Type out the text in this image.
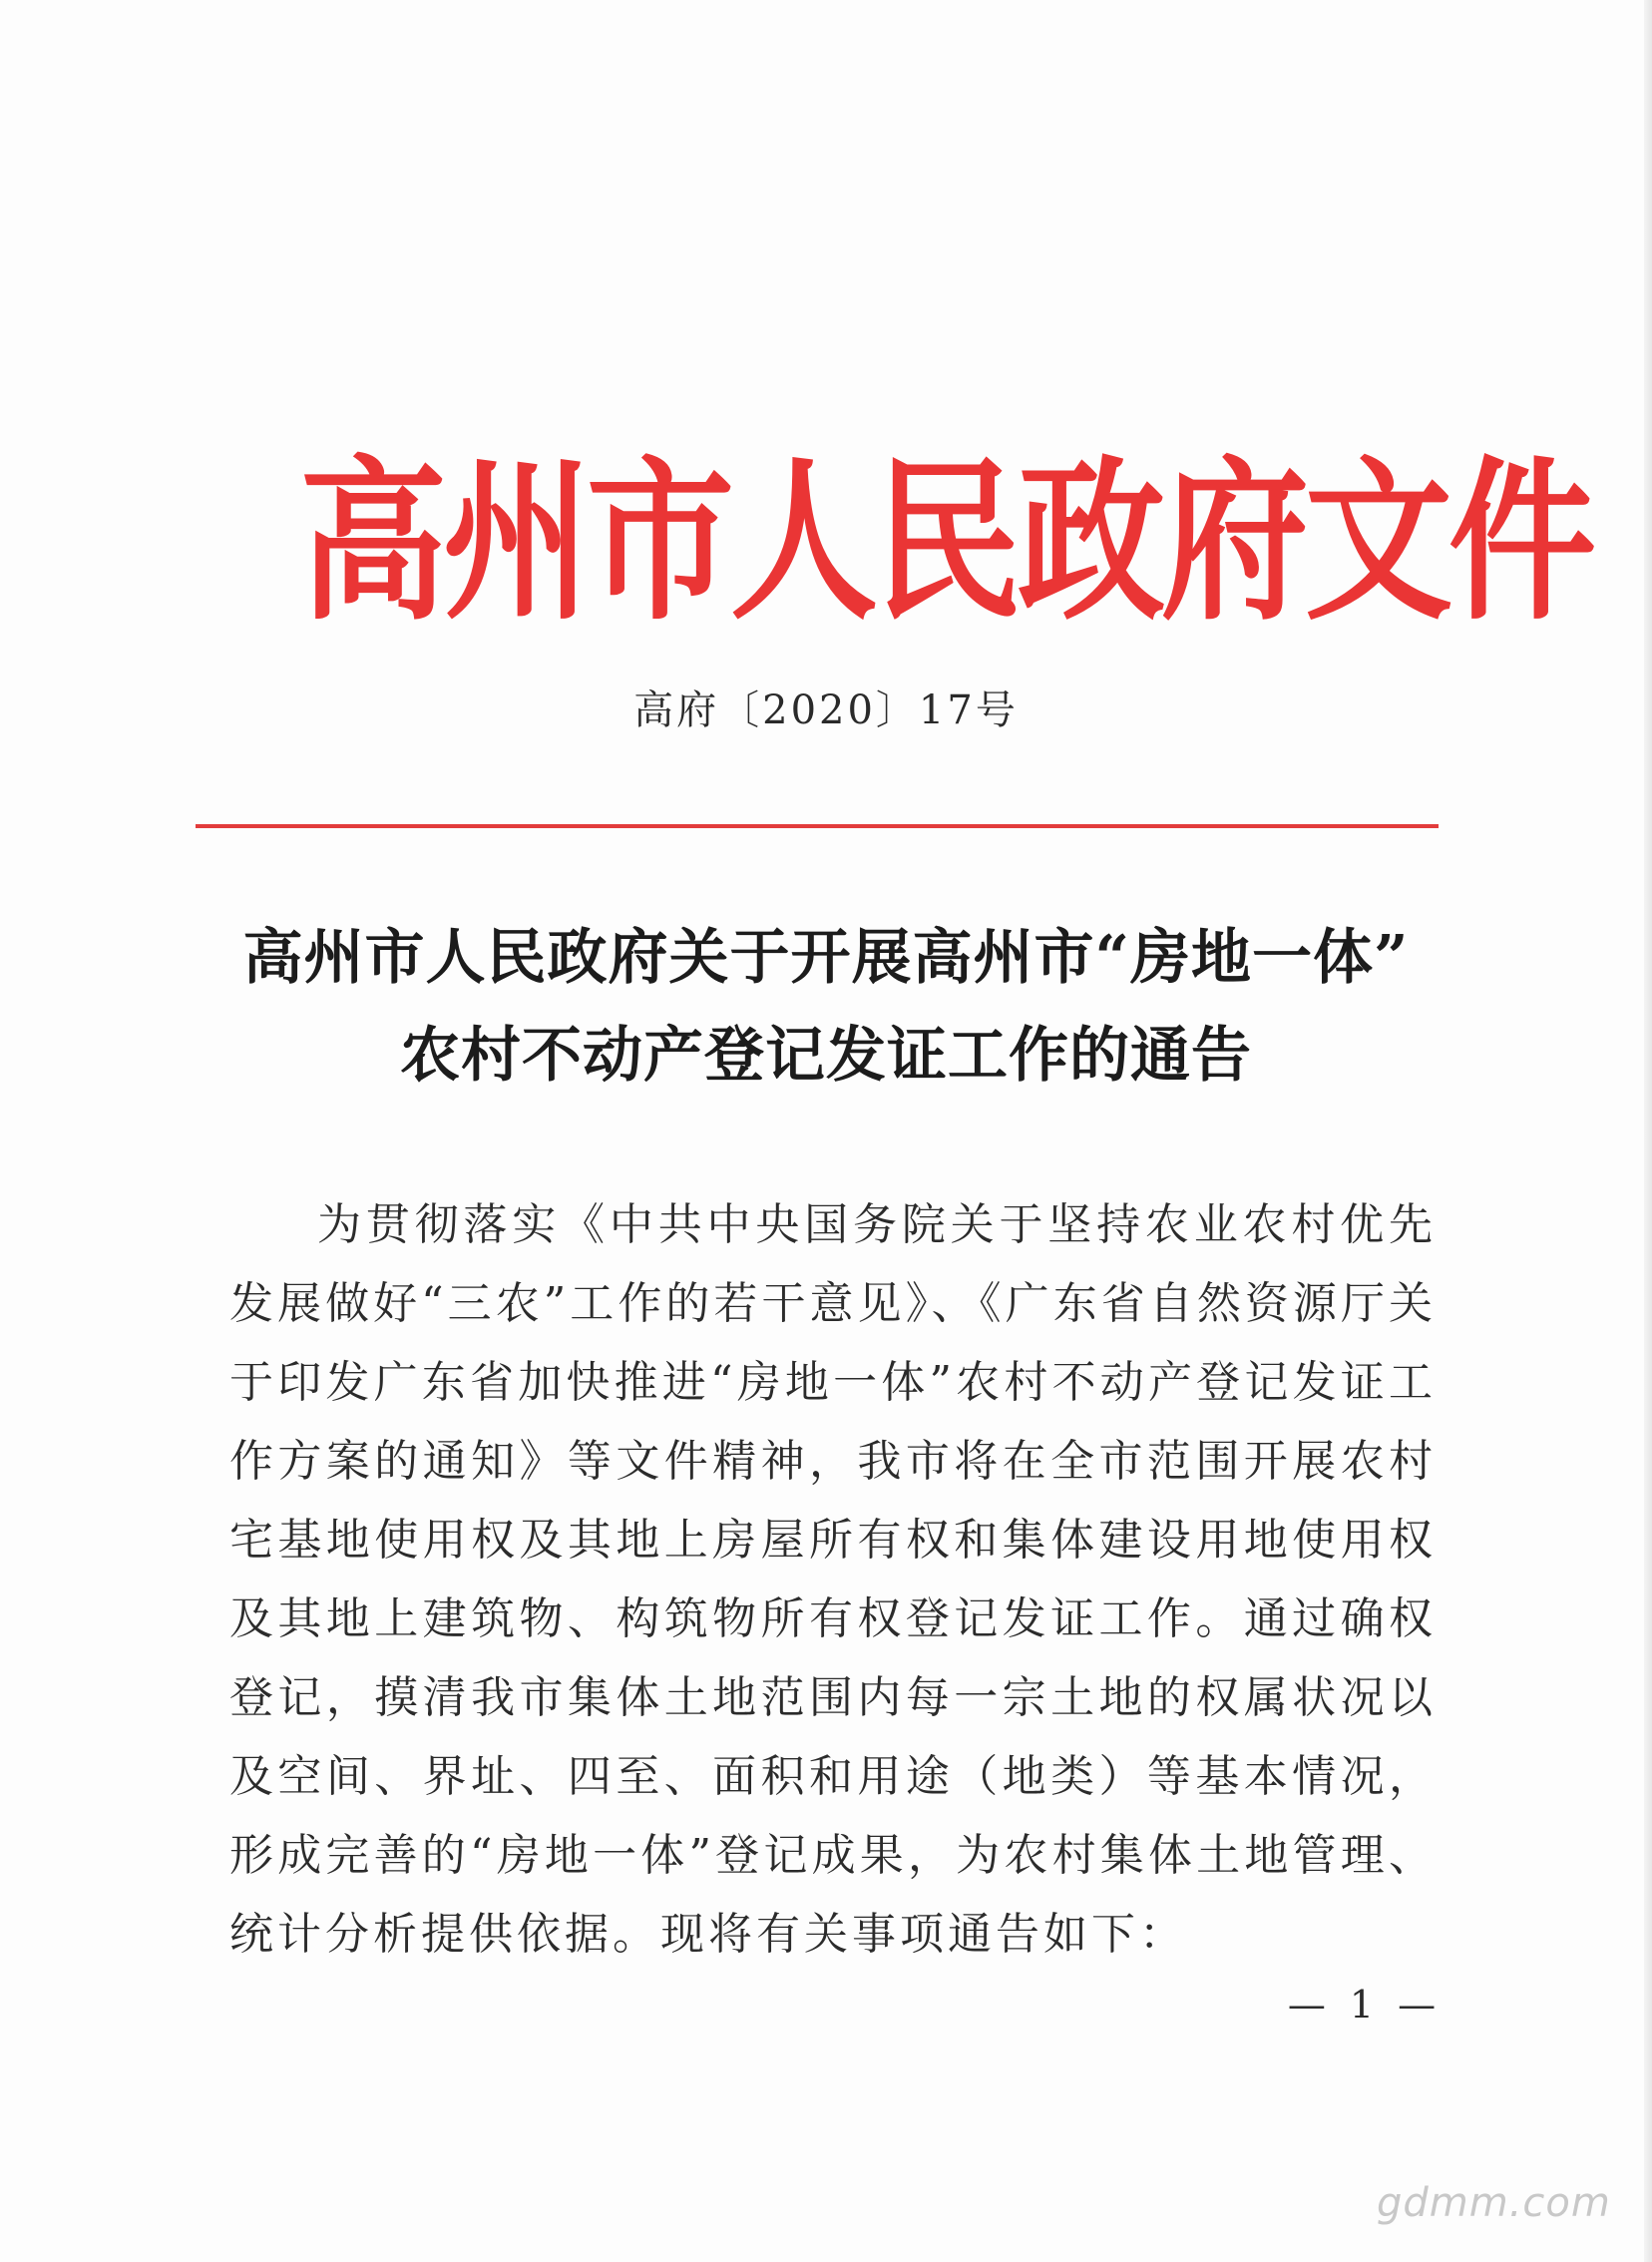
高州市人民政府文件
高府〔2020〕17号
高州市人民政府关于开展高州市“房地一体”
农村不动产登记发证工作的通告

为贯彻落实《中共中央国务院关于坚持农业农村优先发展做好“三农”工作的若干意见》、《广东省自然资源厅关于印发广东省加快推进“房地一体”农村不动产登记发证工作方案的通知》等文件精神，我市将在全市范围开展农村宅基地使用权及其地上房屋所有权和集体建设用地使用权及其地上建筑物、构筑物所有权登记发证工作。通过确权登记，摸清我市集体土地范围内每一宗土地的权属状况以及空间、界址、四至、面积和用途（地类）等基本情况，形成完善的“房地一体”登记成果，为农村集体土地管理、统计分析提供依据。现将有关事项通告如下：

— 1 —
gdmm.com
